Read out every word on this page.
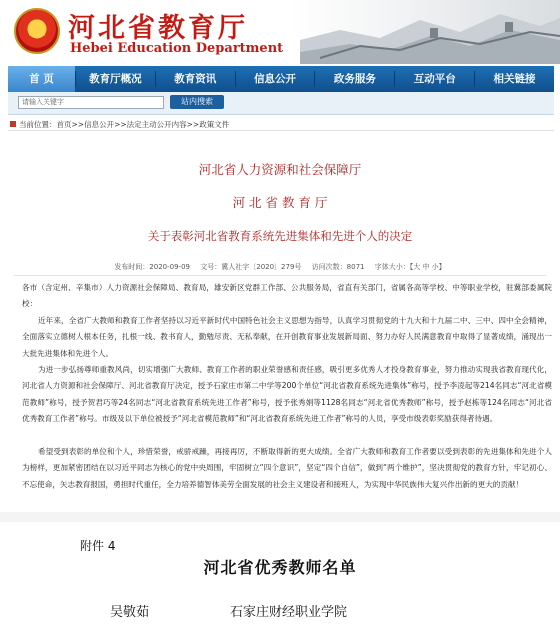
河北省教育厅
Hebei Education Department
首 页	教育厅概况	教育资讯	信息公开	政务服务	互动平台	相关链接
请输入关键字	站内搜索
当前位置：首页>>信息公开>>法定主动公开内容>>政策文件
河北省人力资源和社会保障厅
河 北 省 教 育 厅
关于表彰河北省教育系统先进集体和先进个人的决定
发布时间：2020-09-09 文号：冀人社字〔2020〕279号 访问次数：8071 字体大小：【大 中 小】
各市（含定州、辛集市）人力资源社会保障局、教育局，雄安新区党群工作部、公共服务局，省直有关部门，省属各高等学校、中等职业学校，驻冀部委属院校：
近年来，全省广大教师和教育工作者坚持以习近平新时代中国特色社会主义思想为指导，认真学习贯彻党的十九大和十九届二中、三中、四中全会精神，全面落实立德树人根本任务，扎根一线、教书育人，勤勉尽责、无私奉献，在开创教育事业发展新局面、努力办好人民满意教育中取得了显著成绩，涌现出一大批先进集体和先进个人。
为进一步弘扬尊师重教风尚，切实增强广大教师、教育工作者的职业荣誉感和责任感，吸引更多优秀人才投身教育事业，努力推动实现我省教育现代化，河北省人力资源和社会保障厅、河北省教育厅决定，授予石家庄市第二中学等200个单位“河北省教育系统先进集体”称号，授予李凌起等214名同志“河北省模范教师”称号，授予贺君巧等24名同志“河北省教育系统先进工作者”称号，授予张秀娟等1128名同志“河北省优秀教师”称号，授予赵栋等124名同志“河北省优秀教育工作者”称号。市级及以下单位被授予“河北省模范教师”和“河北省教育系统先进工作者”称号的人员，享受市级表彰奖励获得者待遇。
希望受到表彰的单位和个人，珍惜荣誉，戒骄戒躁，再接再厉，不断取得新的更大成绩。全省广大教师和教育工作者要以受到表彰的先进集体和先进个人为榜样，更加紧密团结在以习近平同志为核心的党中央周围，牢固树立“四个意识”，坚定“四个自信”，做到“两个维护”，坚决贯彻党的教育方针，牢记初心、不忘使命，矢志教育报国，勇担时代重任，全力培养德智体美劳全面发展的社会主义建设者和接班人，为实现中华民族伟大复兴作出新的更大的贡献！
附件 4
河北省优秀教师名单
吴敬茹	石家庄财经职业学院
